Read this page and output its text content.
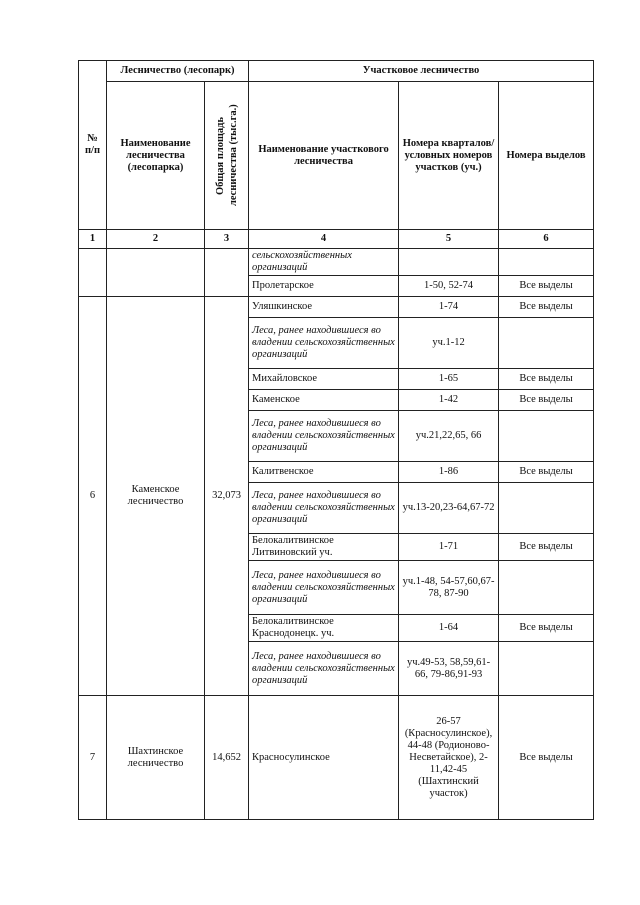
№ п/п	Лесничество (лесопарк)		Участковое лесничество		
	Наименование лесничества (лесопарка)	Общая площадь лесничества (тыс.га.)	Наименование участкового лесничества	Номера кварталов/ условных номеров участков (уч.)	Номера выделов
1	2	3	4	5	6
			сельскохозяйственных организаций		
			Пролетарское	1-50, 52-74	Все выделы
6	Каменское лесничество	32,073	Уляшкинское	1-74	Все выделы
			Леса, ранее находившиеся во владении сельскохозяйственных организаций	уч.1-12	
			Михайловское	1-65	Все выделы
			Каменское	1-42	Все выделы
			Леса, ранее находившиеся во владении сельскохозяйственных организаций	уч.21,22,65, 66	
			Калитвенское	1-86	Все выделы
			Леса, ранее находившиеся во владении сельскохозяйственных организаций	уч.13-20,23-64,67-72	
			Белокалитвинское Литвиновский уч.	1-71	Все выделы
			Леса, ранее находившиеся во владении сельскохозяйственных организаций	уч.1-48, 54-57,60,67-78, 87-90	
			Белокалитвинское Краснодонецк. уч.	1-64	Все выделы
			Леса, ранее находившиеся во владении сельскохозяйственных организаций	уч.49-53, 58,59,61-66, 79-86,91-93	
7	Шахтинское лесничество	14,652	Красносулинское	26-57 (Красносулинское), 44-48 (Родионово-Несветайское), 2-11,42-45 (Шахтинский участок)	Все выделы
